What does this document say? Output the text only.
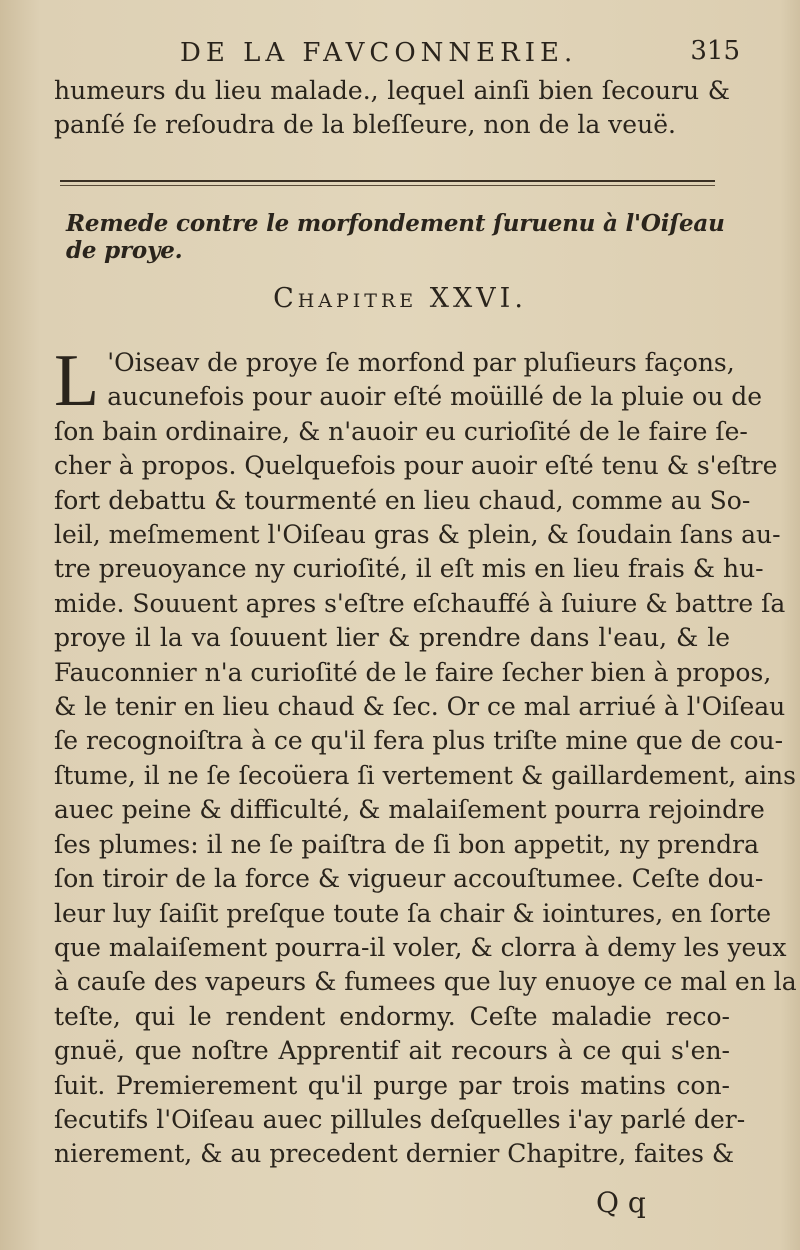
DE LA FAVCONNERIE.	315
humeurs du lieu malade., lequel ainſi bien ſecouru &
panſé ſe reſoudra de la bleſſeure, non de la veuë.
Remede contre le morfondement ſuruenu à l'Oiſeau de proye.
Chapitre XXVI.
L 'Oiseav de proye ſe morfond par pluſieurs façons,
aucunefois pour auoir eſté moüillé de la pluie ou de
ſon bain ordinaire, & n'auoir eu curioſité de le faire ſe-
cher à propos. Quelquefois pour auoir eſté tenu & s'eſtre
fort debattu & tourmenté en lieu chaud, comme au So-
leil, meſmement l'Oiſeau gras & plein, & ſoudain ſans au-
tre preuoyance ny curioſité, il eſt mis en lieu frais & hu-
mide. Souuent apres s'eſtre eſchauffé à ſuiure & battre ſa
proye il la va ſouuent lier & prendre dans l'eau, & le
Fauconnier n'a curioſité de le faire ſecher bien à propos,
& le tenir en lieu chaud & ſec. Or ce mal arriué à l'Oiſeau
ſe recognoiſtra à ce qu'il fera plus triſte mine que de cou-
ſtume, il ne ſe ſecoüera ſi vertement & gaillardement, ains
auec peine & difficulté, & malaiſement pourra rejoindre
ſes plumes: il ne ſe paiſtra de ſi bon appetit, ny prendra
ſon tiroir de la force & vigueur accouſtumee. Ceſte dou-
leur luy ſaiſit preſque toute ſa chair & iointures, en ſorte
que malaiſement pourra-il voler, & clorra à demy les yeux
à cauſe des vapeurs & fumees que luy enuoye ce mal en la
teſte, qui le rendent endormy. Ceſte maladie reco-
gnuë, que noſtre Apprentif ait recours à ce qui s'en-
ſuit. Premierement qu'il purge par trois matins con-
ſecutifs l'Oiſeau auec pillules deſquelles i'ay parlé der-
nierement, & au precedent dernier Chapitre, faites &
Q q
